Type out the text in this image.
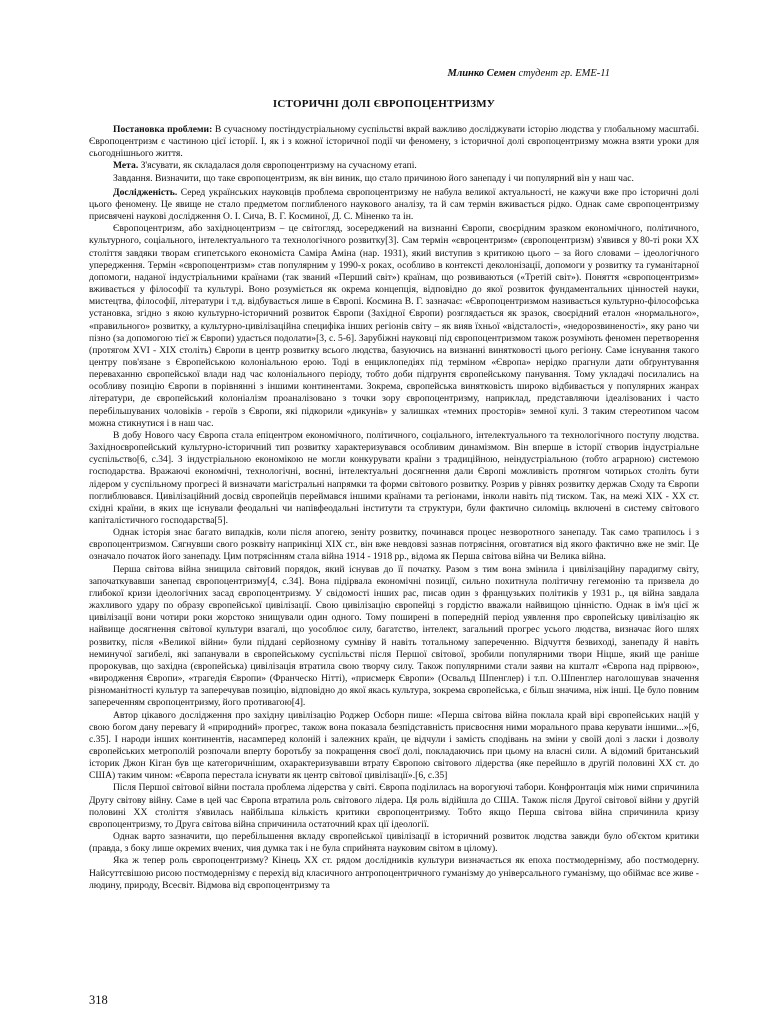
Млинко Семен студент гр. ЕМЕ-11
ІСТОРИЧНІ ДОЛІ ЄВРОПОЦЕНТРИЗМУ

Постановка проблеми: В сучасному постіндустріальному суспільстві вкрай важливо досліджувати історію людства у глобальному масштабі. Європоцентризм є частиною цієї історії. І, як і з кожної історичної події чи феномену, з історичної долі європоцентризму можна взяти уроки для сьогоднішнього життя.

Мета. З'ясувати, як складалася доля європоцентризму на сучасному етапі.

Завдання. Визначити, що таке європоцентризм, як він виник, що стало причиною його занепаду і чи популярний він у наш час.

Дослідженість. Серед українських науковців проблема європоцентризму не набула великої актуальності, не кажучи вже про історичні долі цього феномену. Це явище не стало предметом поглибленого наукового аналізу, та й сам термін вживається рідко. Однак саме європоцентризму присвячені наукові дослідження О. І. Сича, В. Г. Косминої, Д. С. Міненко та ін.

Європоцентризм, або західноцентризм – це світогляд, зосереджений на визнанні Європи, своєрідним зразком економічного, політичного, культурного, соціального, інтелектуального та технологічного розвитку[3]. Сам термін «євроцентризм» (європоцентризм) з'явився у 80-ті роки XX століття завдяки творам єгипетського економіста Саміра Аміна (нар. 1931), який виступив з критикою цього – за його словами – ідеологічного упередження. Термін «європоцентризм» став популярним у 1990-х роках, особливо в контексті деколонізації, допомоги у розвитку та гуманітарної допомоги, наданої індустріальними країнами (так званий «Перший світ») країнам, що розвиваються («Третій світ»). Поняття «європоцентризм» вживається у філософії та культурі. Воно розуміється як окрема концепція, відповідно до якої розвиток фундаментальних цінностей науки, мистецтва, філософії, літератури і т.д. відбувається лише в Європі. Космина В. Г. зазначає: «Європоцентризмом називається культурно-філософська установка, згідно з якою культурно-історичний розвиток Європи (Західної Європи) розглядається як зразок, своєрідний еталон «нормального», «правильного» розвитку, а культурно-цивілізаційна специфіка інших регіонів світу – як вияв їхньої «відсталості», «недорозвиненості», яку рано чи пізно (за допомогою тієї ж Європи) удасться подолати»[3, с. 5-6]. Зарубіжні науковці під європоцентризмом також розуміють феномен перетворення (протягом XVI - XIX століть) Європи в центр розвитку всього людства, базуючись на визнанні винятковості цього регіону. Саме існування такого центру пов'язане з Європейською колоніальною ерою. Тоді в енциклопедіях під терміном «Європа» нерідко прагнули дати обґрунтування переваханню європейської влади над час колоніального періоду, тобто доби підґрунтя європейському панування. Тому укладачі посилались на особливу позицію Європи в порівнянні з іншими континентами. Зокрема, європейська винятковість широко відбивається у популярних жанрах літератури, де європейський колоніалізм проаналізовано з точки зору європоцентризму, наприклад, представляючи ідеалізованих і часто перебільшуваних чоловіків - героїв з Європи, які підкорили «дикунів» у залишках «темних просторів» земної кулі. З таким стереотипом часом можна стикнутися і в наш час.

В добу Нового часу Європа стала епіцентром економічного, політичного, соціального, інтелектуального та технологічного поступу людства. Західноєвропейський культурно-історичний тип розвитку характеризувався особливим динамізмом. Він вперше в історії створив індустріальне суспільство[6, с.34]. З індустріальною економікою не могли конкурувати країни з традиційною, неіндустріальною (тобто аграрною) системою господарства. Вражаючі економічні, технологічні, воєнні, інтелектуальні досягнення дали Європі можливість протягом чотирьох століть бути лідером у суспільному прогресі й визначати магістральні напрямки та форми світового розвитку. Розрив у рівнях розвитку держав Сходу та Європи поглиблювався. Цивілізаційний досвід європейців переймався іншими країнами та регіонами, інколи навіть під тиском. Так, на межі XIX - XX ст. східні країни, в яких ще існували феодальні чи напівфеодальні інститути та структури, були фактично силоміць включені в систему світового капіталістичного господарства[5].

Однак історія знає багато випадків, коли після апогею, зеніту розвитку, починався процес незворотного занепаду. Так само трапилось і з європоцентризмом. Сягнувши свого розквіту наприкінці XIX ст., він вже невдовзі зазнав потрясіння, оговтатися від якого фактично вже не зміг. Це означало початок його занепаду. Цим потрясінням стала війна 1914 - 1918 рр., відома як Перша світова війна чи Велика війна.

Перша світова війна знищила світовий порядок, який існував до її початку. Разом з тим вона змінила і цивілізаційну парадигму світу, започаткувавши занепад європоцентризму[4, с.34]. Вона підірвала економічні позиції, сильно похитнула політичну гегемонію та призвела до глибокої кризи ідеологічних засад європоцентризму. У свідомості інших рас, писав один з французьких політиків у 1931 р., ця війна завдала жахливого удару по образу європейської цивілізації. Свою цивілізацію європейці з гордістю вважали найвищою цінністю. Однак в ім'я цієї ж цивілізації вони чотири роки жорстоко знищували один одного. Тому поширені в попередній період уявлення про європейську цивілізацію як найвище досягнення світової культури взагалі, що уособлює силу, багатство, інтелект, загальний прогрес усього людства, визначає його шлях розвитку, після «Великої війни» були піддані серйозному сумніву й навіть тотальному запереченню. Відчуття безвиході, занепаду й навіть неминучої загибелі, які запанували в європейському суспільстві після Першої світової, зробили популярними твори Ніцше, який ще раніше пророкував, що західна (європейська) цивілізація втратила свою творчу силу. Також популярними стали заяви на кшталт «Європа над прірвою», «виродження Європи», «трагедія Європи» (Франческо Нітті), «присмерк Європи» (Освальд Шпенглер) і т.п. О.Шпенглер наголошував значення різноманітності культур та заперечував позицію, відповідно до якої якась культура, зокрема європейська, є більш значима, ніж інші. Це було повним запереченням європоцентризму, його противагою[4].

Автор цікавого дослідження про західну цивілізацію Роджер Осборн пише: «Перша світова війна поклала край вірі європейських націй у свою богом дану перевагу й «природний» прогрес, також вона показала безпідставність присвоєння ними морального права керувати іншими...»[6, с.35]. І народи інших континентів, насамперед колоній і залежних країн, це відчули і замість сподівань на зміни у своїй долі з ласки і дозволу європейських метрополій розпочали вперту боротьбу за покращення своєї долі, покладаючись при цьому на власні сили. А відомий британський історик Джон Кіган був ще категоричнішим, охарактеризувавши втрату Європою світового лідерства (яке перейшло в другій половині XX ст. до США) таким чином: «Європа перестала існувати як центр світової цивілізації».[6, с.35]

Після Першої світової війни постала проблема лідерства у світі. Європа поділилась на ворогуючі табори. Конфронтація між ними спричинила Другу світову війну. Саме в цей час Європа втратила роль світового лідера. Ця роль відійшла до США. Також після Другої світової війни у другій половині XX століття з'явилась найбільша кількість критики європоцентризму. Тобто якщо Перша світова війна спричинила кризу європоцентризму, то Друга світова війна спричинила остаточний крах ції ідеології.

Однак варто зазначити, що перебільшення вкладу європейської цивілізації в історичний розвиток людства завжди було об'єктом критики (правда, з боку лише окремих вчених, чия думка так і не була сприйнята науковим світом в цілому).

Яка ж тепер роль європоцентризму? Кінець XX ст. рядом дослідників культури визначається як епоха постмодернізму, або постмодерну. Найсуттєвішою рисою постмодернізму є перехід від класичного антропоцентричного гуманізму до універсального гуманізму, що обіймає все живе - людину, природу, Всесвіт. Відмова від європоцентризму та

318
